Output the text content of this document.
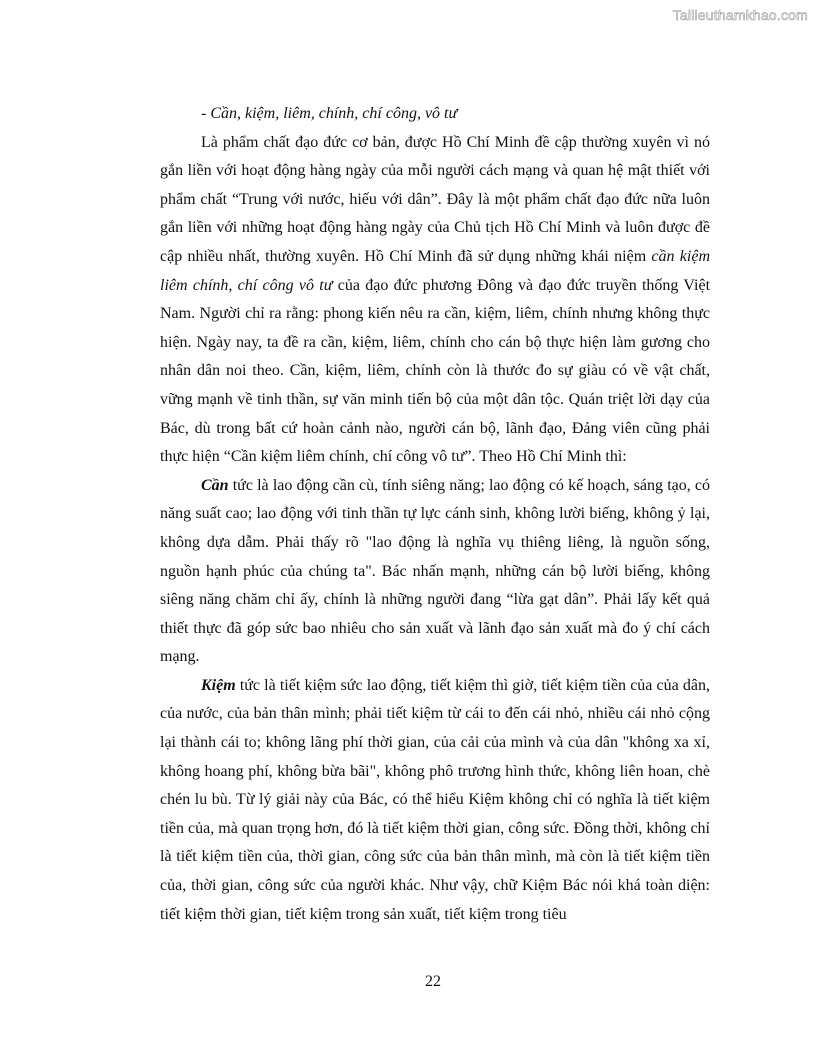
Tailieuthamkhao.com

- Cần, kiệm, liêm, chính, chí công, vô tư

Là phẩm chất đạo đức cơ bản, được Hồ Chí Minh đề cập thường xuyên vì nó gắn liền với hoạt động hàng ngày của mỗi người cách mạng và quan hệ mật thiết với phẩm chất “Trung với nước, hiếu với dân”. Đây là một phẩm chất đạo đức nữa luôn gắn liền với những hoạt động hàng ngày của Chủ tịch Hồ Chí Minh và luôn được đề cập nhiều nhất, thường xuyên. Hồ Chí Minh đã sử dụng những khái niệm cần kiệm liêm chính, chí công vô tư của đạo đức phương Đông và đạo đức truyền thống Việt Nam. Người chỉ ra rằng: phong kiến nêu ra cần, kiệm, liêm, chính nhưng không thực hiện. Ngày nay, ta đề ra cần, kiệm, liêm, chính cho cán bộ thực hiện làm gương cho nhân dân noi theo. Cần, kiệm, liêm, chính còn là thước đo sự giàu có về vật chất, vững mạnh về tinh thần, sự văn minh tiến bộ của một dân tộc. Quán triệt lời dạy của Bác, dù trong bất cứ hoàn cảnh nào, người cán bộ, lãnh đạo, Đảng viên cũng phải thực hiện “Cần kiệm liêm chính, chí công vô tư”. Theo Hồ Chí Minh thì:

Cần tức là lao động cần cù, tính siêng năng; lao động có kế hoạch, sáng tạo, có năng suất cao; lao động với tinh thần tự lực cánh sinh, không lười biếng, không ỷ lại, không dựa dẫm. Phải thấy rõ "lao động là nghĩa vụ thiêng liêng, là nguồn sống, nguồn hạnh phúc của chúng ta". Bác nhấn mạnh, những cán bộ lười biếng, không siêng năng chăm chỉ ấy, chính là những người đang “lừa gạt dân”. Phải lấy kết quả thiết thực đã góp sức bao nhiêu cho sản xuất và lãnh đạo sản xuất mà đo ý chí cách mạng.

Kiệm tức là tiết kiệm sức lao động, tiết kiệm thì giờ, tiết kiệm tiền của của dân, của nước, của bản thân mình; phải tiết kiệm từ cái to đến cái nhỏ, nhiều cái nhỏ cộng lại thành cái to; không lãng phí thời gian, của cải của mình và của dân "không xa xỉ, không hoang phí, không bừa bãi", không phô trương hình thức, không liên hoan, chè chén lu bù. Từ lý giải này của Bác, có thể hiểu Kiệm không chỉ có nghĩa là tiết kiệm tiền của, mà quan trọng hơn, đó là tiết kiệm thời gian, công sức. Đồng thời, không chỉ là tiết kiệm tiền của, thời gian, công sức của bản thân mình, mà còn là tiết kiệm tiền của, thời gian, công sức của người khác. Như vậy, chữ Kiệm Bác nói khá toàn diện: tiết kiệm thời gian, tiết kiệm trong sản xuất, tiết kiệm trong tiêu

22
